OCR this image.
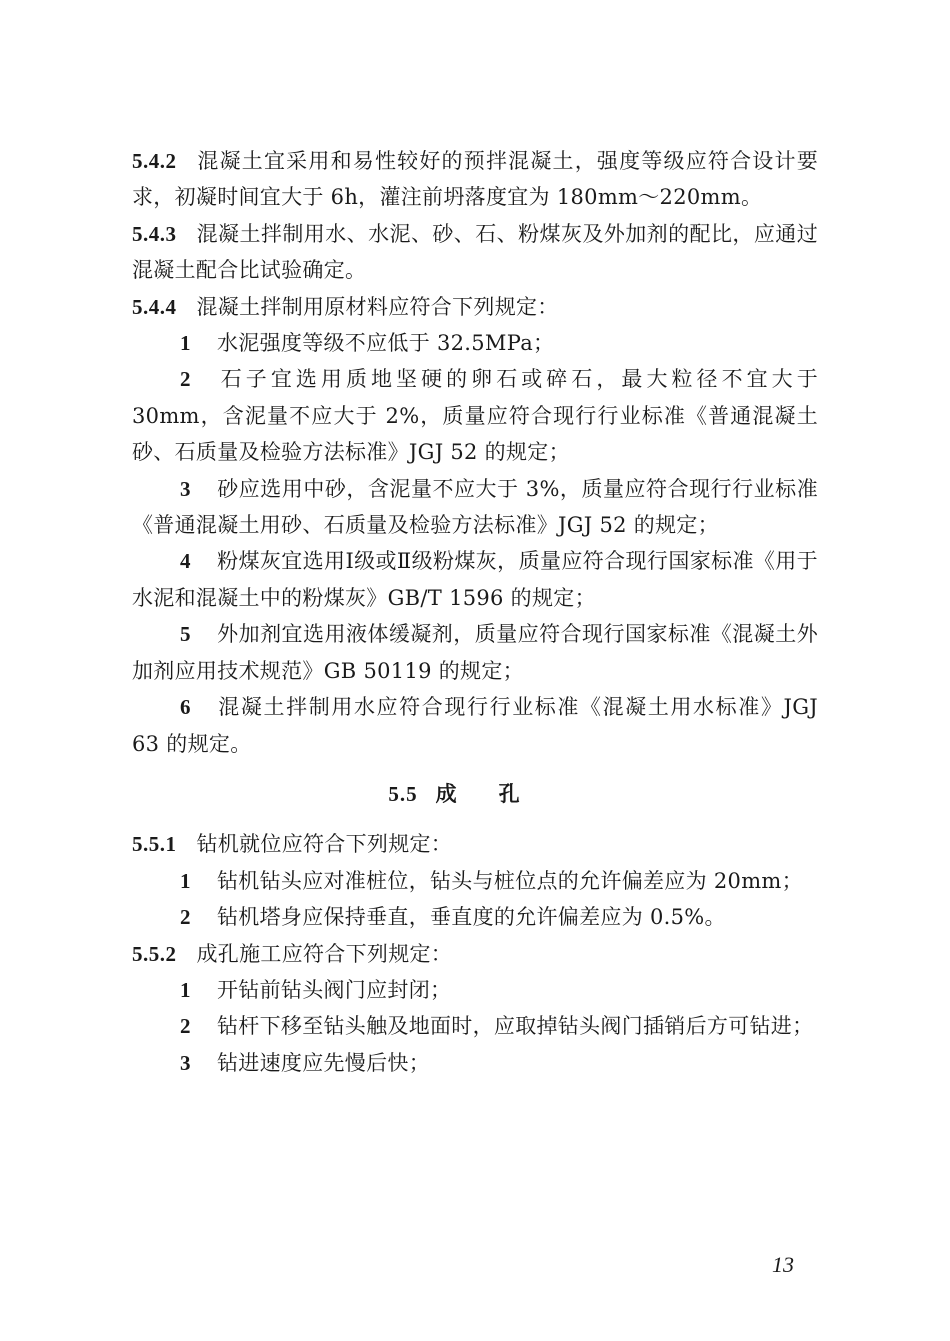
5.4.2 混凝土宜采用和易性较好的预拌混凝土，强度等级应符合设计要求，初凝时间宜大于 6h，灌注前坍落度宜为 180mm～220mm。

5.4.3 混凝土拌制用水、水泥、砂、石、粉煤灰及外加剂的配比，应通过混凝土配合比试验确定。

5.4.4 混凝土拌制用原材料应符合下列规定：

1 水泥强度等级不应低于 32.5MPa；

2 石子宜选用质地坚硬的卵石或碎石，最大粒径不宜大于 30mm，含泥量不应大于 2%，质量应符合现行行业标准《普通混凝土砂、石质量及检验方法标准》JGJ 52 的规定；

3 砂应选用中砂，含泥量不应大于 3%，质量应符合现行行业标准《普通混凝土用砂、石质量及检验方法标准》JGJ 52 的规定；

4 粉煤灰宜选用Ⅰ级或Ⅱ级粉煤灰，质量应符合现行国家标准《用于水泥和混凝土中的粉煤灰》GB/T 1596 的规定；

5 外加剂宜选用液体缓凝剂，质量应符合现行国家标准《混凝土外加剂应用技术规范》GB 50119 的规定；

6 混凝土拌制用水应符合现行行业标准《混凝土用水标准》JGJ 63 的规定。

5.5 成孔

5.5.1 钻机就位应符合下列规定：

1 钻机钻头应对准桩位，钻头与桩位点的允许偏差应为 20mm；

2 钻机塔身应保持垂直，垂直度的允许偏差应为 0.5%。

5.5.2 成孔施工应符合下列规定：

1 开钻前钻头阀门应封闭；

2 钻杆下移至钻头触及地面时，应取掉钻头阀门插销后方可钻进；

3 钻进速度应先慢后快；

13
